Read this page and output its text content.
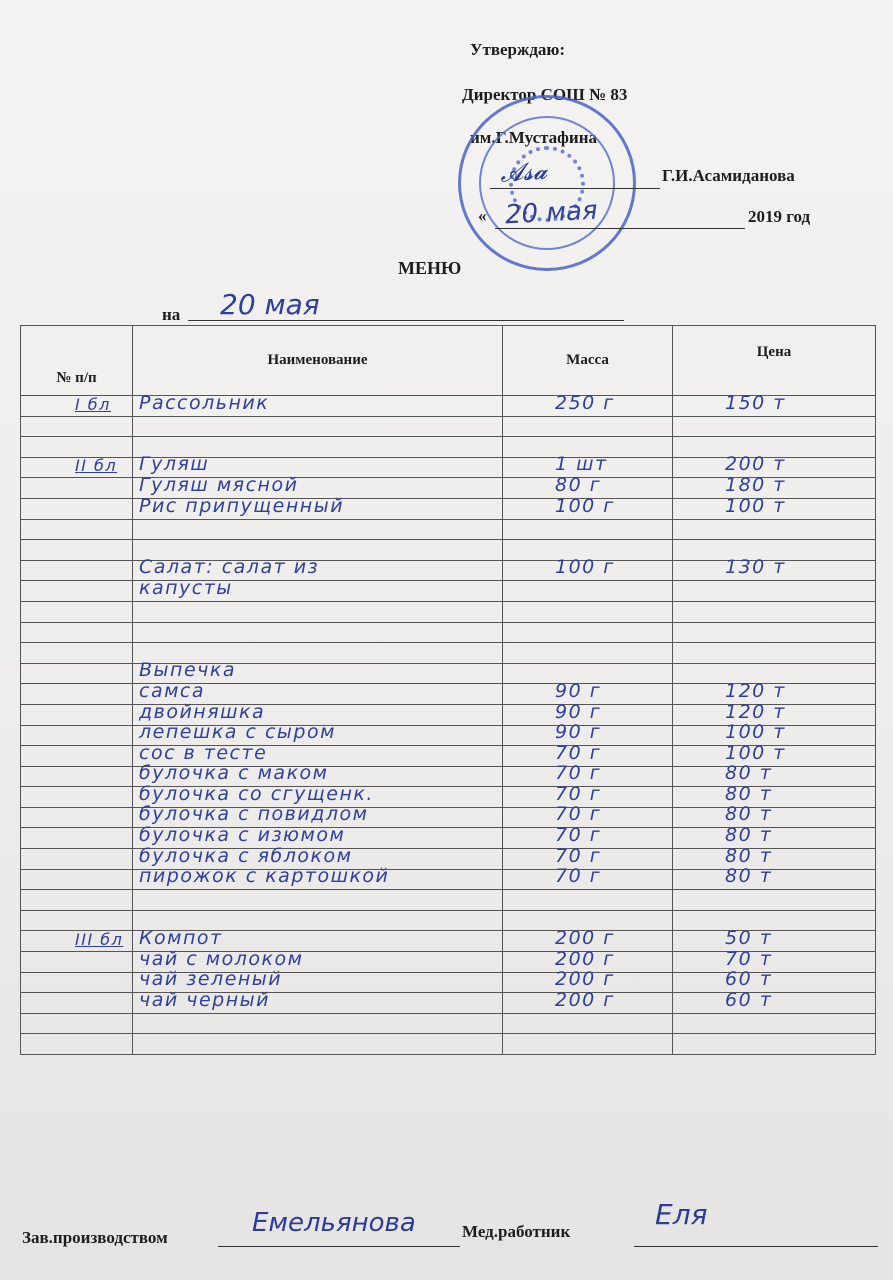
Утверждаю:
Директор СОШ № 83
им.Г.Мустафина
𝓐𝓼𝓪	Г.И.Асамиданова
« 20 мая	2019 год
МЕНЮ
на 20 мая
№ п/п	Наименование	Масса	Цена

I бл	Рассольник	250 г	150 т

II бл	Гуляш	1 шт	200 т

	Гуляш мясной	80 г	180 т

	Рис припущенный	100 г	100 т

	Салат: салат из	100 г	130 т

	капусты		

	Выпечка		

	самса	90 г	120 т

	двойняшка	90 г	120 т

	лепешка с сыром	90 г	100 т

	сос в тесте	70 г	100 т

	булочка с маком	70 г	80 т

	булочка со сгущенк.	70 г	80 т

	булочка с повидлом	70 г	80 т

	булочка с изюмом	70 г	80 т

	булочка с яблоком	70 г	80 т

	пирожок с картошкой	70 г	80 т

III бл	Компот	200 г	50 т

	чай с молоком	200 г	70 т

	чай зеленый	200 г	60 т

	чай черный	200 г	60 т

Зав.производством	Емельянова	Мед.работник
Еля
